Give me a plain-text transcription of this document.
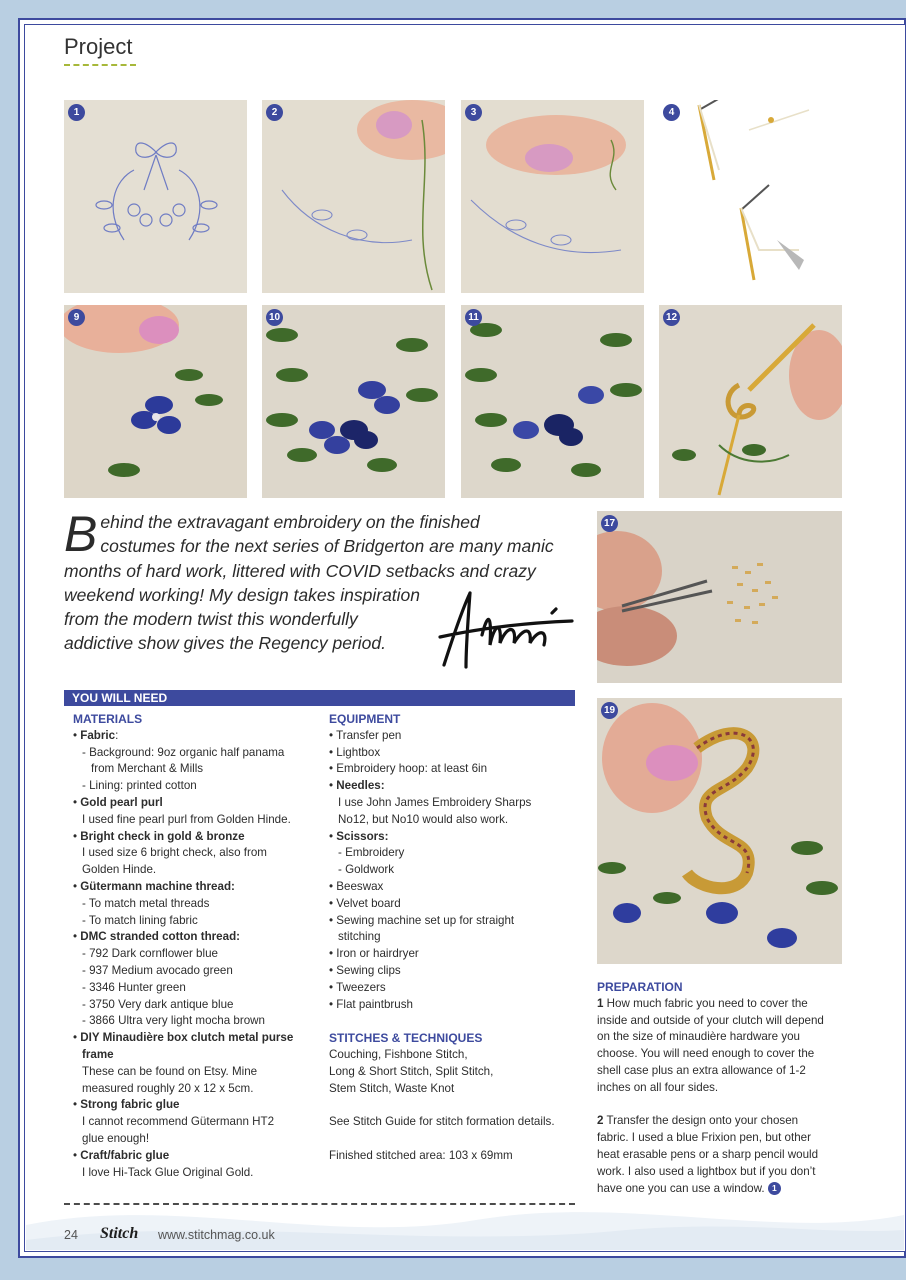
Project
1	2	3	4
9	10	11	12
B ehind the extravagant embroidery on the finished
costumes for the next series of Bridgerton are many manic
months of hard work, littered with COVID setbacks and crazy
weekend working! My design takes inspiration
from the modern twist this wonderfully
addictive show gives the Regency period.
17
19
YOU WILL NEED
MATERIALS
• Fabric:
- Background: 9oz organic half panama
from Merchant & Mills
- Lining: printed cotton
• Gold pearl purl
I used fine pearl purl from Golden Hinde.
• Bright check in gold & bronze
I used size 6 bright check, also from
Golden Hinde.
• Gütermann machine thread:
- To match metal threads
- To match lining fabric
• DMC stranded cotton thread:
- 792 Dark cornflower blue
- 937 Medium avocado green
- 3346 Hunter green
- 3750 Very dark antique blue
- 3866 Ultra very light mocha brown
• DIY Minaudière box clutch metal purse
frame
These can be found on Etsy. Mine
measured roughly 20 x 12 x 5cm.
• Strong fabric glue
I cannot recommend Gütermann HT2
glue enough!
• Craft/fabric glue
I love Hi-Tack Glue Original Gold.
EQUIPMENT
• Transfer pen
• Lightbox
• Embroidery hoop: at least 6in
• Needles:
I use John James Embroidery Sharps
No12, but No10 would also work.
• Scissors:
- Embroidery
- Goldwork
• Beeswax
• Velvet board
• Sewing machine set up for straight
stitching
• Iron or hairdryer
• Sewing clips
• Tweezers
• Flat paintbrush
STITCHES & TECHNIQUES
Couching, Fishbone Stitch,
Long & Short Stitch, Split Stitch,
Stem Stitch, Waste Knot
See Stitch Guide for stitch formation details.
Finished stitched area: 103 x 69mm
PREPARATION
1 How much fabric you need to cover the
inside and outside of your clutch will depend
on the size of minaudière hardware you
choose. You will need enough to cover the
shell case plus an extra allowance of 1-2
inches on all four sides.
2 Transfer the design onto your chosen
fabric. I used a blue Frixion pen, but other
heat erasable pens or a sharp pencil would
work. I also used a lightbox but if you don’t
have one you can use a window. 1
24 Stitch www.stitchmag.co.uk
